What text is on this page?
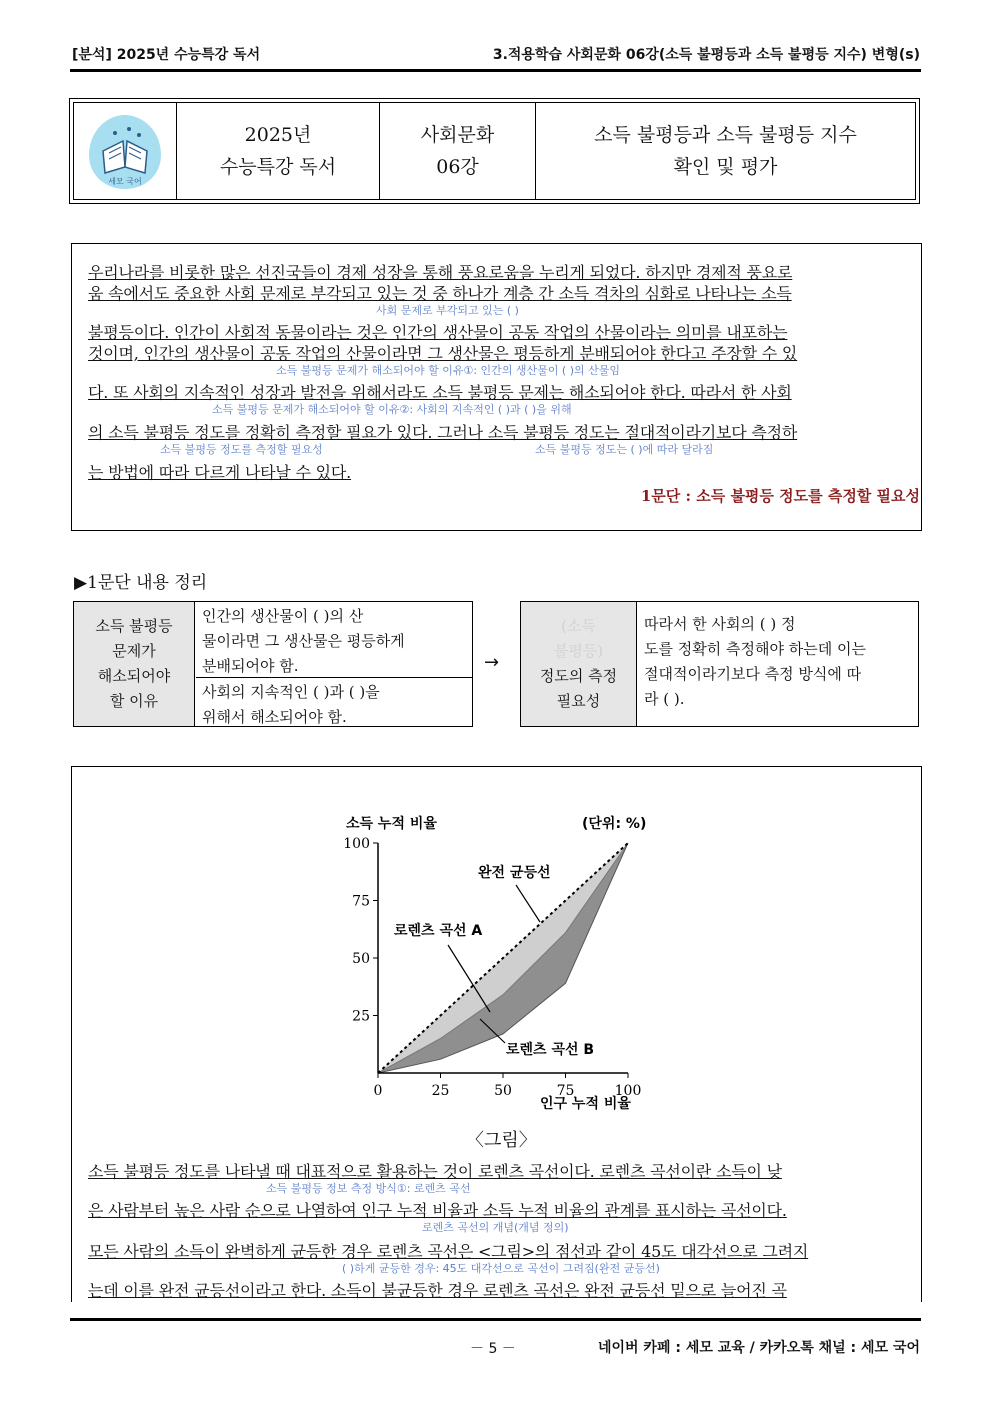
[분석] 2025년 수능특강 독서	3.적용학습 사회문화 06강(소득 불평등과 소득 불평등 지수) 변형(s)
세모 국어
2025년
수능특강 독서
사회문화
06강
소득 불평등과 소득 불평등 지수
확인 및 평가
우리나라를 비롯한 많은 선진국들이 경제 성장을 통해 풍요로움을 누리게 되었다. 하지만 경제적 풍요로
사회 문제로 부각되고 있는 ( )
움 속에서도 중요한 사회 문제로 부각되고 있는 것 중 하나가 계층 간 소득 격차의 심화로 나타나는 소득
불평등이다. 인간이 사회적 동물이라는 것은 인간의 생산물이 공동 작업의 산물이라는 의미를 내포하는
것이며, 인간의 생산물이 공동 작업의 산물이라면 그 생산물은 평등하게 분배되어야 한다고 주장할 수 있
소득 불평등 문제가 해소되어야 할 이유①: 인간의 생산물이 ( )의 산물임
다. 또 사회의 지속적인 성장과 발전을 위해서라도 소득 불평등 문제는 해소되어야 한다. 따라서 한 사회
소득 불평등 문제가 해소되어야 할 이유②: 사회의 지속적인 ( )과 ( )을 위해
의 소득 불평등 정도를 정확히 측정할 필요가 있다. 그러나 소득 불평등 정도는 절대적이라기보다 측정하
소득 불평등 정도를 측정할 필요성	소득 불평등 정도는 ( )에 따라 달라짐
는 방법에 따라 다르게 나타날 수 있다.
1문단 : 소득 불평등 정도를 측정할 필요성
▶1문단 내용 정리
소득 불평등
문제가
해소되어야
할 이유
인간의 생산물이 ( )의 산
물이라면 그 생산물은 평등하게
분배되어야 함.
사회의 지속적인 ( )과 ( )을
위해서 해소되어야 함.
→
(소득
불평등)
정도의 측정
필요성
따라서 한 사회의 ( ) 정
도를 정확히 측정해야 하는데 이는
절대적이라기보다 측정 방식에 따
라 ( ).
0	25	50	75	100
25
50
75
100
소득 누적 비율	(단위: %)
인구 누적 비율
완전 균등선
로렌츠 곡선 A
로렌츠 곡선 B
〈그림〉
소득 불평등 정도를 나타낼 때 대표적으로 활용하는 것이 로렌츠 곡선이다. 로렌츠 곡선이란 소득이 낮
소득 불평등 정보 측정 방식①: 로렌츠 곡선
은 사람부터 높은 사람 순으로 나열하여 인구 누적 비율과 소득 누적 비율의 관계를 표시하는 곡선이다.
로렌츠 곡선의 개념(개념 정의)
모든 사람의 소득이 완벽하게 균등한 경우 로렌츠 곡선은 <그림>의 점선과 같이 45도 대각선으로 그려지
( )하게 균등한 경우: 45도 대각선으로 곡선이 그려짐(완전 균등선)
는데 이를 완전 균등선이라고 한다. 소득이 불균등한 경우 로렌츠 곡선은 완전 균등선 밑으로 늘어진 곡
－ 5 －	네이버 카페 : 세모 교육 / 카카오톡 채널 : 세모 국어
